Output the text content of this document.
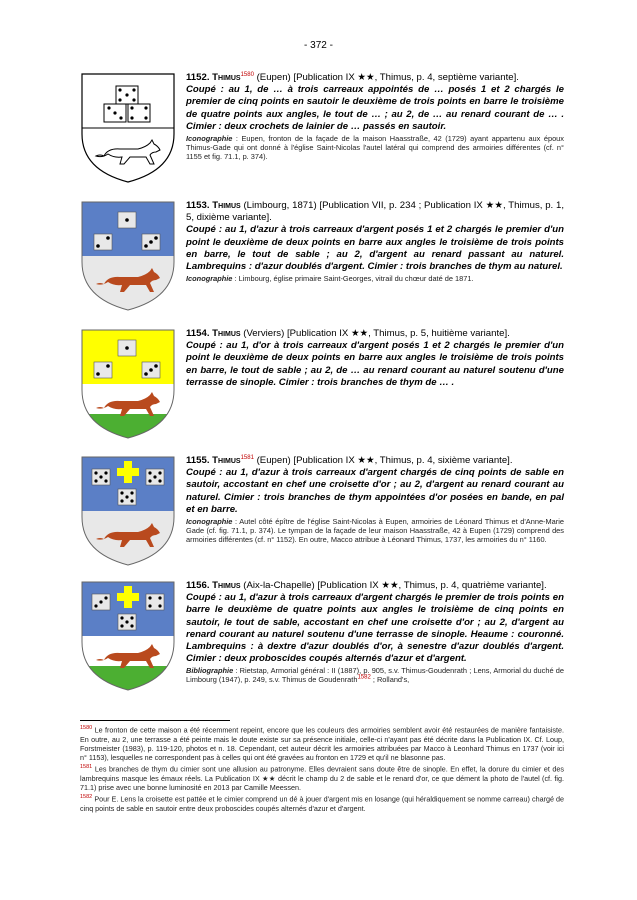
- 372 -
1152. Thimus$^{1580}$ (Eupen) [Publication IX ★★, Thimus, p. 4, septième variante].
Coupé : au 1, de … à trois carreaux appointés de … posés 1 et 2 chargés le premier de cinq points en sautoir le deuxième de trois points en barre le troisième de quatre points aux angles, le tout de … ; au 2, de … au renard courant de … . Cimier : deux crochets de lainier de … passés en sautoir.
Iconographie : Eupen, fronton de la façade de la maison Haasstraße, 42 (1729) ayant appartenu aux époux Thimus-Gade qui ont donné à l'église Saint-Nicolas l'autel latéral qui comprend des armoiries différentes (cf. n° 1155 et fig. 71.1, p. 374).
1153. Thimus (Limbourg, 1871) [Publication VII, p. 234 ; Publication IX ★★, Thimus, p. 1, 5, dixième variante].
Coupé : au 1, d'azur à trois carreaux d'argent posés 1 et 2 chargés le premier d'un point le deuxième de deux points en barre aux angles le troisième de trois points en barre, le tout de sable ; au 2, d'argent au renard passant au naturel. Lambrequins : d'azur doublés d'argent. Cimier : trois branches de thym au naturel.
Iconographie : Limbourg, église primaire Saint-Georges, vitrail du chœur daté de 1871.
1154. Thimus (Verviers) [Publication IX ★★, Thimus, p. 5, huitième variante].
Coupé : au 1, d'or à trois carreaux d'argent posés 1 et 2 chargés le premier d'un point le deuxième de deux points en barre aux angles le troisième de trois points en barre, le tout de sable ; au 2, de … au renard courant au naturel soutenu d'une terrasse de sinople. Cimier : trois branches de thym de … .
1155. Thimus$^{1581}$ (Eupen) [Publication IX ★★, Thimus, p. 4, sixième variante].
Coupé : au 1, d'azur à trois carreaux d'argent chargés de cinq points de sable en sautoir, accostant en chef une croisette d'or ; au 2, d'argent au renard courant au naturel. Cimier : trois branches de thym appointées d'or posées en bande, en pal et en barre.
Iconographie : Autel côté épître de l'église Saint-Nicolas à Eupen, armoiries de Léonard Thimus et d'Anne-Marie Gade (cf. fig. 71.1, p. 374). Le tympan de la façade de leur maison Haasstraße, 42 à Eupen (1729) comprend des armoiries différentes (cf. n° 1152). En outre, Macco attribue à Léonard Thimus, 1737, les armoiries du n° 1160.
1156. Thimus (Aix-la-Chapelle) [Publication IX ★★, Thimus, p. 4, quatrième variante].
Coupé : au 1, d'azur à trois carreaux d'argent chargés le premier de trois points en barre le deuxième de quatre points aux angles le troisième de cinq points en sautoir, le tout de sable, accostant en chef une croisette d'or ; au 2, d'argent au renard courant au naturel soutenu d'une terrasse de sinople. Heaume : couronné. Lambrequins : à dextre d'azur doublés d'or, à senestre d'azur doublés d'argent. Cimier : deux proboscides coupés alternés d'azur et d'argent.
Bibliographie : Rietstap, Armorial général : II (1887), p. 905, s.v. Thimus-Goudenrath ; Lens, Armorial du duché de Limbourg (1947), p. 249, s.v. Thimus de Goudenrath$^{1582}$ ; Rolland's,

$^{1580}$ Le fronton de cette maison a été récemment repeint, encore que les couleurs des armoiries semblent avoir été restaurées de manière fantaisiste. En outre, au 2, une terrasse a été peinte mais le doute existe sur sa présence initiale, celle-ci n'ayant pas été décrite dans la Publication IX. Cf. Loup, Forstmeister (1983), p. 119-120, photos et n. 18. Cependant, cet auteur décrit les armoiries attribuées par Macco à Leonhard Thimus en 1737 (voir ici n° 1153), lesquelles ne correspondent pas à celles qui ont été gravées au fronton en 1729 et qu'il ne blasonne pas.

$^{1581}$ Les branches de thym du cimier sont une allusion au patronyme. Elles devraient sans doute être de sinople. En effet, la dorure du cimier et des lambrequins masque les émaux réels. La Publication IX ★★ décrit le champ du 2 de sable et le renard d'or, ce que dément la photo de l'autel (cf. fig. 71.1) prise avec une bonne luminosité en 2013 par Camille Meessen.

$^{1582}$ Pour E. Lens la croisette est pattée et le cimier comprend un dé à jouer d'argent mis en losange (qui héraldiquement se nomme carreau) chargé de cinq points de sable en sautoir entre deux proboscides coupés alternés d'azur et d'argent.
